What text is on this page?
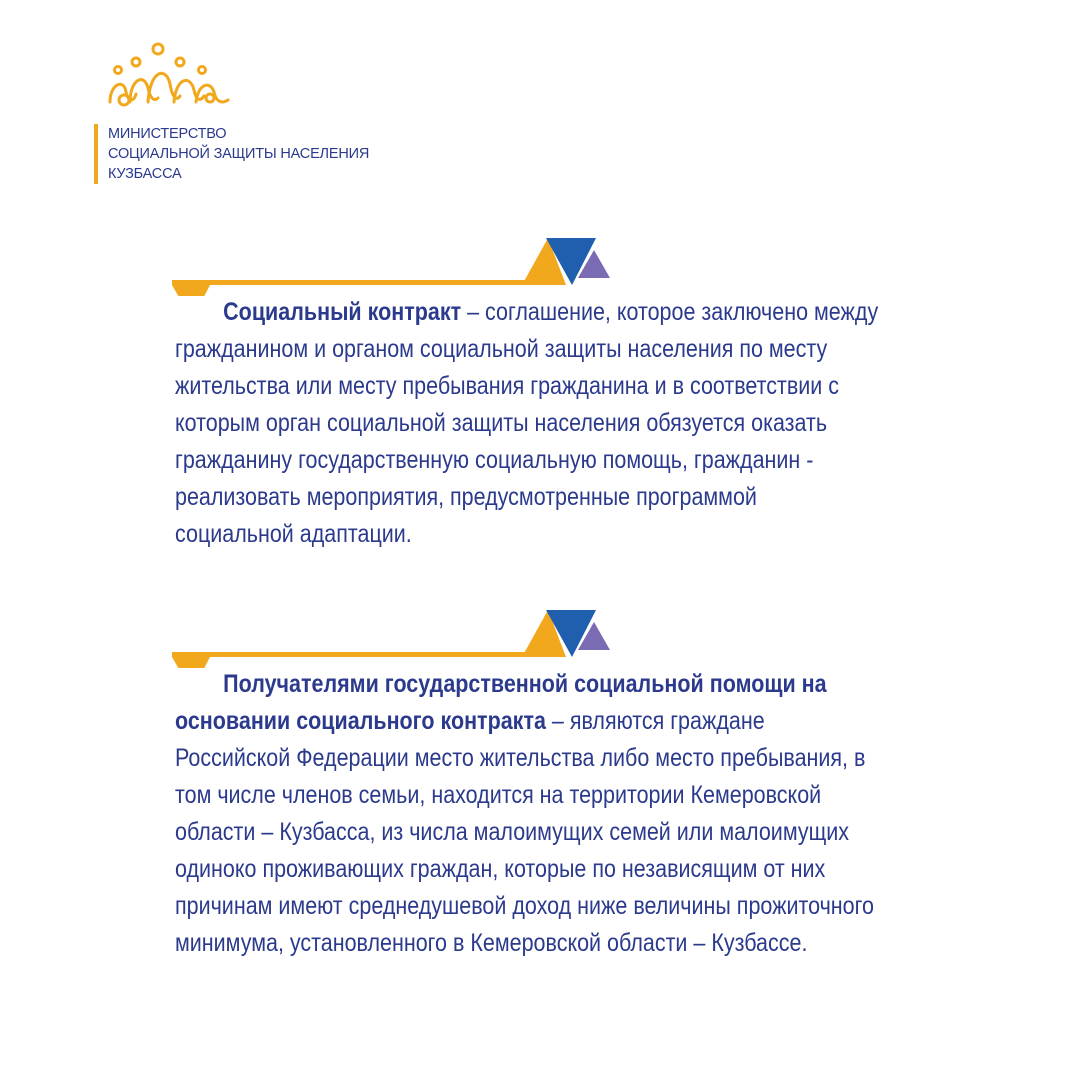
МИНИСТЕРСТВО
СОЦИАЛЬНОЙ ЗАЩИТЫ НАСЕЛЕНИЯ
КУЗБАССА

Социальный контракт – соглашение, которое заключено между гражданином и органом социальной защиты населения по месту жительства или месту пребывания гражданина и в соответствии с которым орган социальной защиты населения обязуется оказать гражданину государственную социальную помощь, гражданин - реализовать мероприятия, предусмотренные программой социальной адаптации.

Получателями государственной социальной помощи на основании социального контракта – являются граждане Российской Федерации место жительства либо место пребывания, в том числе членов семьи, находится на территории Кемеровской области – Кузбасса, из числа малоимущих семей или малоимущих одиноко проживающих граждан, которые по независящим от них причинам имеют среднедушевой доход ниже величины прожиточного минимума, установленного в Кемеровской области – Кузбассе.
